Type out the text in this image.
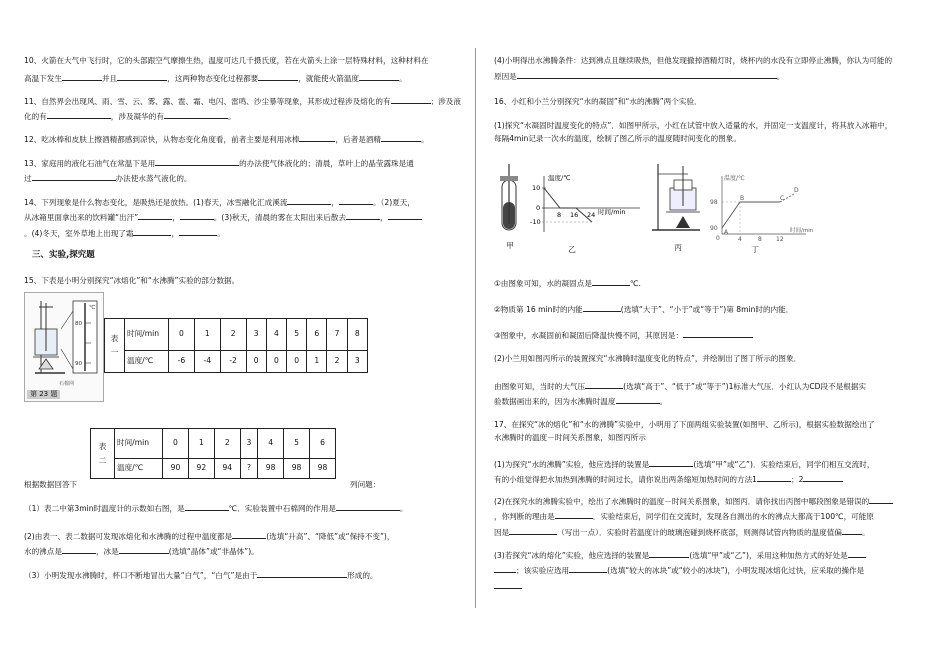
10、火箭在大气中飞行时，它的头部跟空气摩擦生热，温度可达几千摄氏度，若在火箭头上涂一层特殊材料，这种材料在
高温下发生	并且	，这两种物态变化过程都要	，就能使火箭温度	。
11、自然界会出现风、雨、雪、云、雾、露、雹、霜、电闪、雷鸣、沙尘暴等现象，其形成过程涉及熔化的有	；涉及液
化的有	，涉及凝华的有	。
12、吃冰棒和皮肤上擦酒精都感到凉快，从物态变化角度看，前者主要是利用冰棒	，后者是酒精	。
13、家庭用的液化石油气在常温下是用	的办法使气体液化的；清晨，草叶上的晶莹露珠是通
过	办法使水蒸气液化的。
14、下列现象是什么物态变化，是吸热还是放热。(1)春天，冰雪融化汇成溪流	，	。（2)夏天，
从冰箱里面拿出来的饮料罐“出汗”	，	。(3)秋天，清晨的雾在太阳出来后散去	，
。(4)冬天，室外草地上出现了霜	，	。
三、实验,探究题
15、下表是小明分别探究“冰熔化”和“水沸腾”实验的部分数据。
℃
80
90
石棉网
第 23 题
表
一	时间/min	0	1	2	3	4	5	6	7	8
	温度/℃	-6	-4	-2	0	0	0	1	2	3
表
二	时间/min	0	1	2	3	4	5	6
	温度/℃	90	92	94	?	98	98	98
根据数据回答下	列问题：
（1）表二中第3min时温度计的示数如右图，是	℃．实验装置中石棉网的作用是	。
(2)由表一、表二数据可发现冰熔化和水沸腾的过程中温度都是	(选填“升高”、“降低”或“保持不变”)，
水的沸点是	，冰是	(选填“晶体”或“非晶体”)。
（3）小明发现水沸腾时，杯口不断地冒出大量“白气”，“白气”是由于	形成的。
(4)小明得出水沸腾条件：达到沸点且继续吸热，但他发现撤掉酒精灯时，烧杯内的水没有立即停止沸腾，你认为可能的
原因是	。
16、小红和小兰分别探究“水的凝固”和“水的沸腾”两个实验．
(1)探究“水凝固时温度变化的特点”．如图甲所示，小红在试管中放入适量的水，并固定一支温度计，将其放入冰箱中，
每隔4min记录一次水的温度，绘制了图乙所示的温度随时间变化的图象。
甲
10
0
-10
8 16 24
温度/℃
时间/min
乙	丙
温度/℃
98
90
0	4	8 12
时间/min
A
B	C
D
丁
①由图象可知，水的凝固点是	℃.
②物质第 16 min时的内能	(选填“大于”、“小于”或“等于”)第 8min时的内能．
③图象中，水凝固前和凝固后降温快慢不同，其原因是：
(2)小兰用如图丙所示的装置探究“水沸腾时温度变化的特点”，并绘制出了图丁所示的图象．
由图象可知，当时的大气压	(选填“高于”、“低于”或“等于”)1标准大气压．小红认为CD段不是根据实
验数据画出来的，因为水沸腾时温度	。
17、在探究“冰的熔化”和“水的沸腾”实验中，小明用了下面两组实验装置(如图甲、乙所示)，根据实验数据绘出了
水沸腾时的温度－时间关系图象，如图丙所示
(1)为探究“水的沸腾”实验，他应选择的装置是	(选填“甲”或“乙”)．实验结束后，同学们相互交流时，
有的小组觉得把水加热到沸腾的时间过长，请你说出两条缩短加热时间的方法1	；2
(2)在探究水的沸腾实验中，绘出了水沸腾时的温度－时间关系图象，如图丙．请你找出丙图中哪段图象是错误的
，你判断的理由是	．实验结束后，同学们在交流时，发现各自测出的水的沸点大都高于100℃，可能原
因是	（写出一点）．实验时若温度计的玻璃泡碰到烧杯底部，则测得试管内物质的温度值偏	。
(3)若探究“冰的熔化”实验，他应选择的装置是	(选填“甲”或“乙”)，采用这种加热方式的好处是
；该实验应选用	(选填“较大的冰块”或“较小的冰块”)，小明发现冰熔化过快，应采取的操作是
